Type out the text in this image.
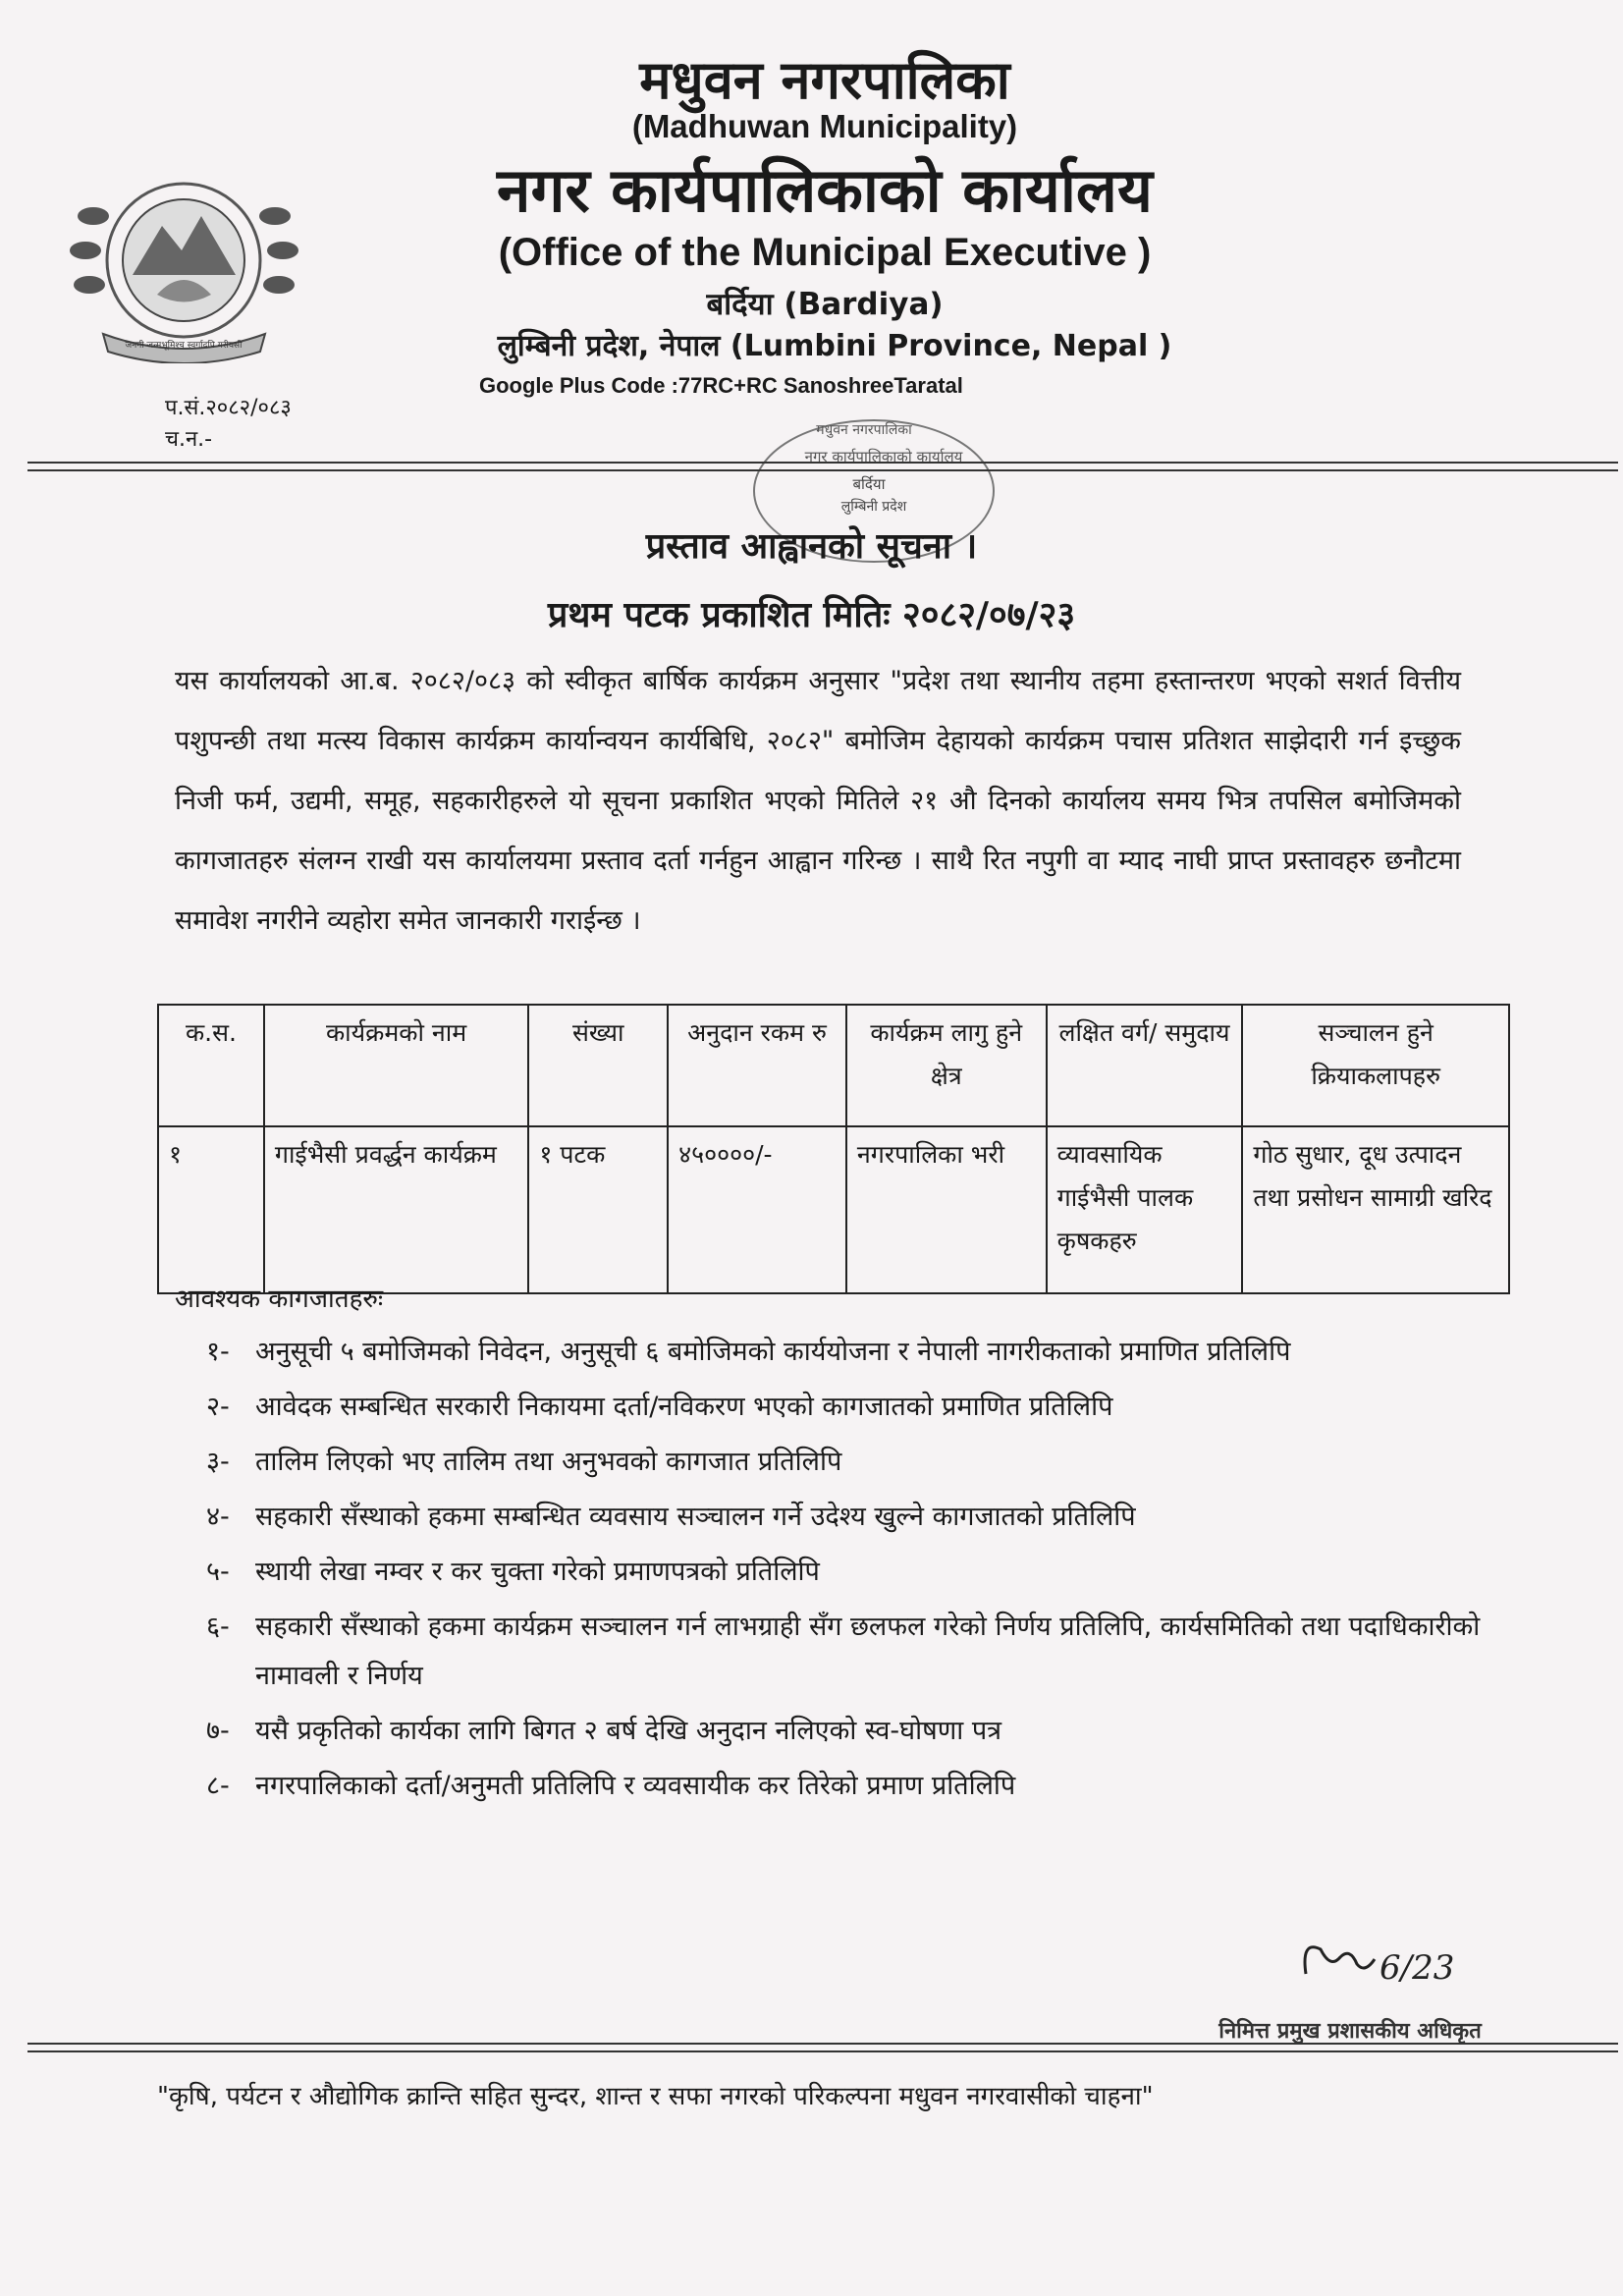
जननी जन्मभूमिश्च स्वर्गादपि गरीयसी
मधुवन नगरपालिका
(Madhuwan Municipality)
नगर कार्यपालिकाको कार्यालय
(Office of the Municipal Executive )
बर्दिया (Bardiya)
लुम्बिनी प्रदेश, नेपाल (Lumbini Province, Nepal )
Google Plus Code :77RC+RC SanoshreeTaratal
प.सं.२०८२/०८३
च.न.-	मधुवन नगरपालिका
नगर कार्यपालिकाको कार्यालय
बर्दिया
लुम्बिनी प्रदेश
प्रस्ताव आह्वानको सूचना ।
प्रथम पटक प्रकाशित मितिः २०८२/०७/२३
यस कार्यालयको आ.ब. २०८२/०८३ को स्वीकृत बार्षिक कार्यक्रम अनुसार "प्रदेश तथा स्थानीय तहमा हस्तान्तरण भएको सशर्त वित्तीय पशुपन्छी तथा मत्स्य विकास कार्यक्रम कार्यान्वयन कार्यबिधि, २०८२" बमोजिम देहायको कार्यक्रम पचास प्रतिशत साझेदारी गर्न इच्छुक निजी फर्म, उद्यमी, समूह, सहकारीहरुले यो सूचना प्रकाशित भएको मितिले २१ औ दिनको कार्यालय समय भित्र तपसिल बमोजिमको कागजातहरु संलग्न राखी यस कार्यालयमा प्रस्ताव दर्ता गर्नहुन आह्वान गरिन्छ । साथै रित नपुगी वा म्याद नाघी प्राप्त प्रस्तावहरु छनौटमा समावेश नगरीने व्यहोरा समेत जानकारी गराईन्छ ।
क.स.	कार्यक्रमको नाम	संख्या	अनुदान रकम रु	कार्यक्रम लागु हुने क्षेत्र	लक्षित वर्ग/ समुदाय	सञ्चालन हुने क्रियाकलापहरु
१	गाईभैसी प्रवर्द्धन कार्यक्रम	१ पटक	४५००००/-	नगरपालिका भरी	व्यावसायिक गाईभैसी पालक कृषकहरु	गोठ सुधार, दूध उत्पादन तथा प्रसोधन सामाग्री खरिद
आवश्यक कागजातहरुः
१- अनुसूची ५ बमोजिमको निवेदन, अनुसूची ६ बमोजिमको कार्ययोजना र नेपाली नागरीकताको प्रमाणित प्रतिलिपि
२- आवेदक सम्बन्धित सरकारी निकायमा दर्ता/नविकरण भएको कागजातको प्रमाणित प्रतिलिपि
३- तालिम लिएको भए तालिम तथा अनुभवको कागजात प्रतिलिपि
४- सहकारी सँस्थाको हकमा सम्बन्धित व्यवसाय सञ्चालन गर्ने उदेश्य खुल्ने कागजातको प्रतिलिपि
५- स्थायी लेखा नम्वर र कर चुक्ता गरेको प्रमाणपत्रको प्रतिलिपि
६- सहकारी सँस्थाको हकमा कार्यक्रम सञ्चालन गर्न लाभग्राही सँग छलफल गरेको निर्णय प्रतिलिपि, कार्यसमितिको तथा पदाधिकारीको नामावली र निर्णय
७- यसै प्रकृतिको कार्यका लागि बिगत २ बर्ष देखि अनुदान नलिएको स्व-घोषणा पत्र
८- नगरपालिकाको दर्ता/अनुमती प्रतिलिपि र व्यवसायीक कर तिरेको प्रमाण प्रतिलिपि
6/23
निमित्त प्रमुख प्रशासकीय अधिकृत
"कृषि, पर्यटन र औद्योगिक क्रान्ति सहित सुन्दर, शान्त र सफा नगरको परिकल्पना मधुवन नगरवासीको चाहना"
